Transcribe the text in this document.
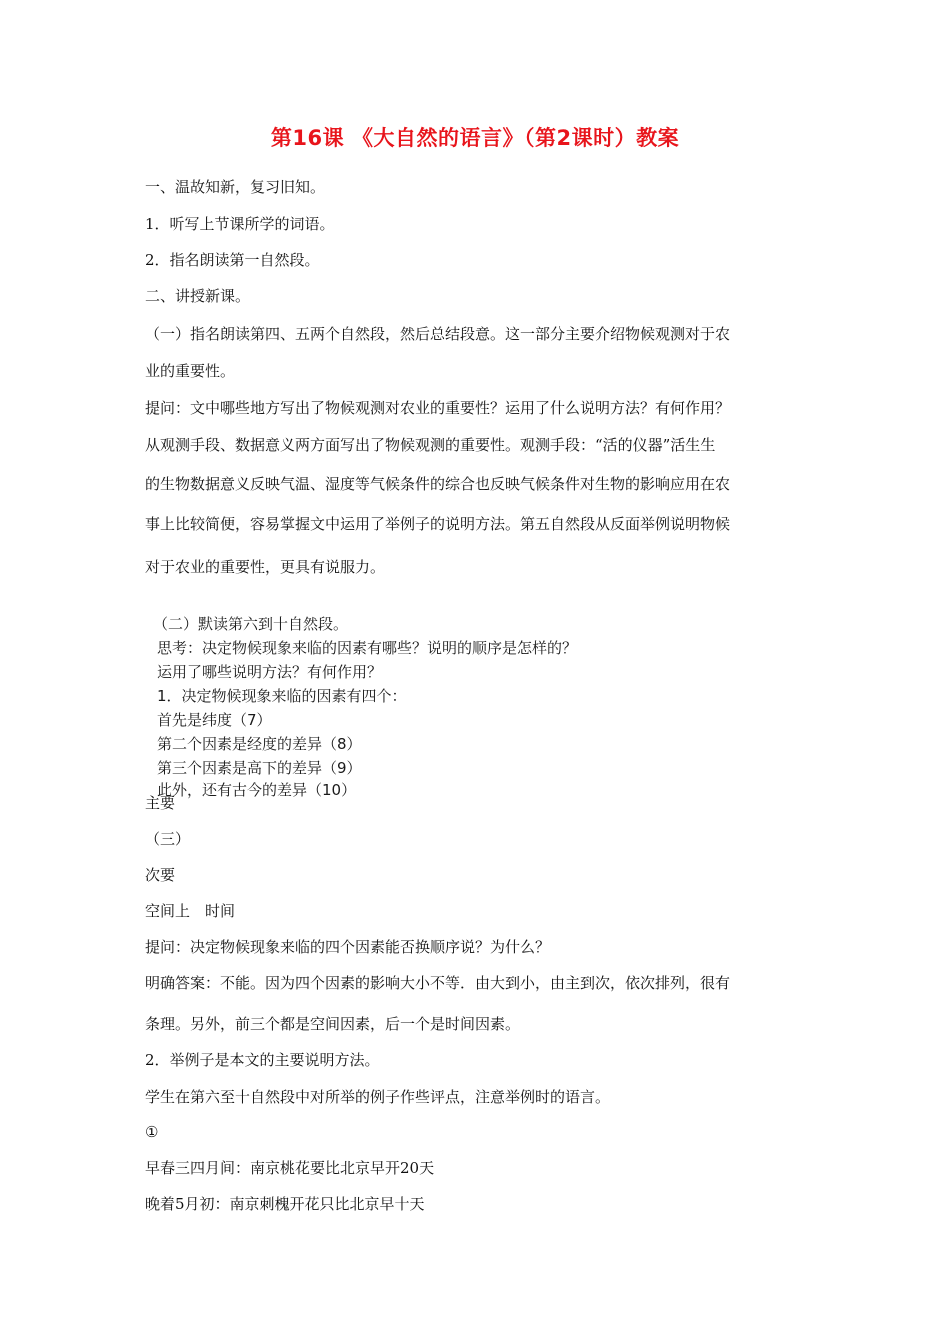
第16课 《大自然的语言》（第2课时）教案
一、温故知新，复习旧知。
1．听写上节课所学的词语。
2．指名朗读第一自然段。
二、讲授新课。
（一）指名朗读第四、五两个自然段，然后总结段意。这一部分主要介绍物候观测对于农
业的重要性。
提问：文中哪些地方写出了物候观测对农业的重要性？运用了什么说明方法？有何作用？
从观测手段、数据意义两方面写出了物候观测的重要性。观测手段：“活的仪器”活生生
的生物数据意义反映气温、湿度等气候条件的综合也反映气候条件对生物的影响应用在农
事上比较简便，容易掌握文中运用了举例子的说明方法。第五自然段从反面举例说明物候
对于农业的重要性，更具有说服力。
（二）默读第六到十自然段。
思考：决定物候现象来临的因素有哪些？说明的顺序是怎样的？
运用了哪些说明方法？有何作用？
1．决定物候现象来临的因素有四个：
首先是纬度（7）
第二个因素是经度的差异（8）
第三个因素是高下的差异（9）
此外，还有古今的差异（10）
主要
（三）
次要
空间上　时间
提问：决定物候现象来临的四个因素能否换顺序说？为什么？
明确答案：不能。因为四个因素的影响大小不等．由大到小，由主到次，依次排列，很有
条理。另外，前三个都是空间因素，后一个是时间因素。
2．举例子是本文的主要说明方法。
学生在第六至十自然段中对所举的例子作些评点，注意举例时的语言。
①
早春三四月间：南京桃花要比北京早开20天
晚着5月初：南京刺槐开花只比北京早十天
